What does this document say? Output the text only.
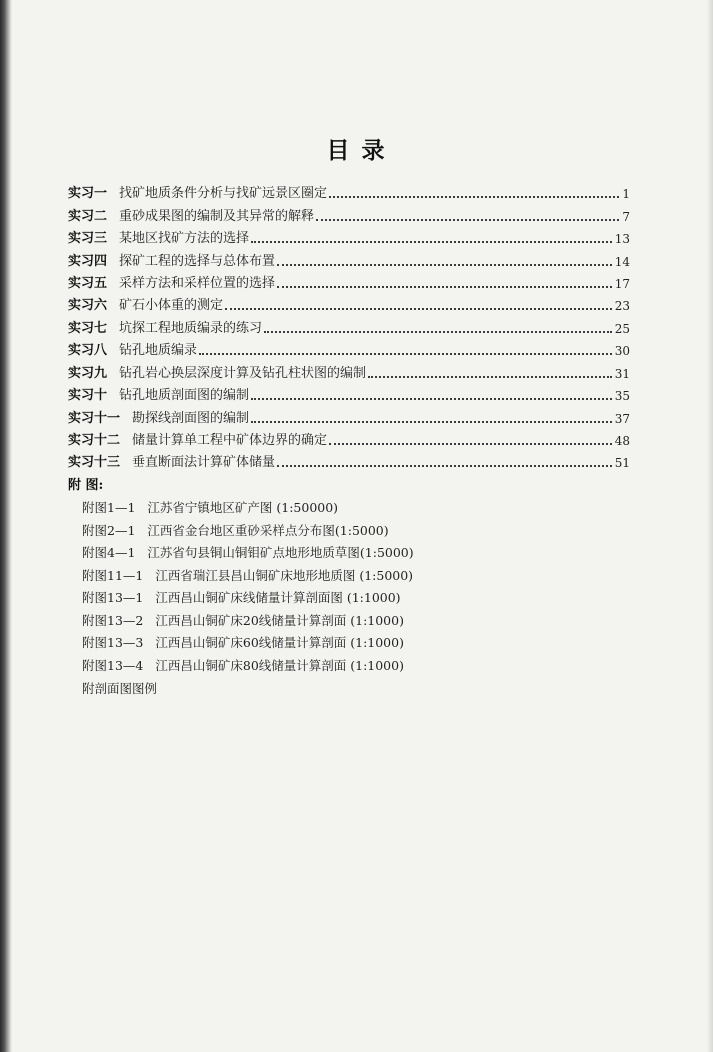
目 录
实习一 找矿地质条件分析与找矿远景区圈定	1
实习二 重砂成果图的编制及其异常的解释	7
实习三 某地区找矿方法的选择	13
实习四 探矿工程的选择与总体布置	14
实习五 采样方法和采样位置的选择	17
实习六 矿石小体重的测定	23
实习七 坑探工程地质编录的练习	25
实习八 钻孔地质编录	30
实习九 钻孔岩心换层深度计算及钻孔柱状图的编制	31
实习十 钻孔地质剖面图的编制	35
实习十一 勘探线剖面图的编制	37
实习十二 储量计算单工程中矿体边界的确定	48
实习十三 垂直断面法计算矿体储量	51
附 图:
附图1—1 江苏省宁镇地区矿产图 (1:50000)
附图2—1 江西省金台地区重砂采样点分布图(1:5000)
附图4—1 江苏省句县铜山铜钼矿点地形地质草图(1:5000)
附图11—1 江西省瑞江县昌山铜矿床地形地质图 (1:5000)
附图13—1 江西昌山铜矿床线储量计算剖面图 (1:1000)
附图13—2 江西昌山铜矿床20线储量计算剖面 (1:1000)
附图13—3 江西昌山铜矿床60线储量计算剖面 (1:1000)
附图13—4 江西昌山铜矿床80线储量计算剖面 (1:1000)
附剖面图图例
